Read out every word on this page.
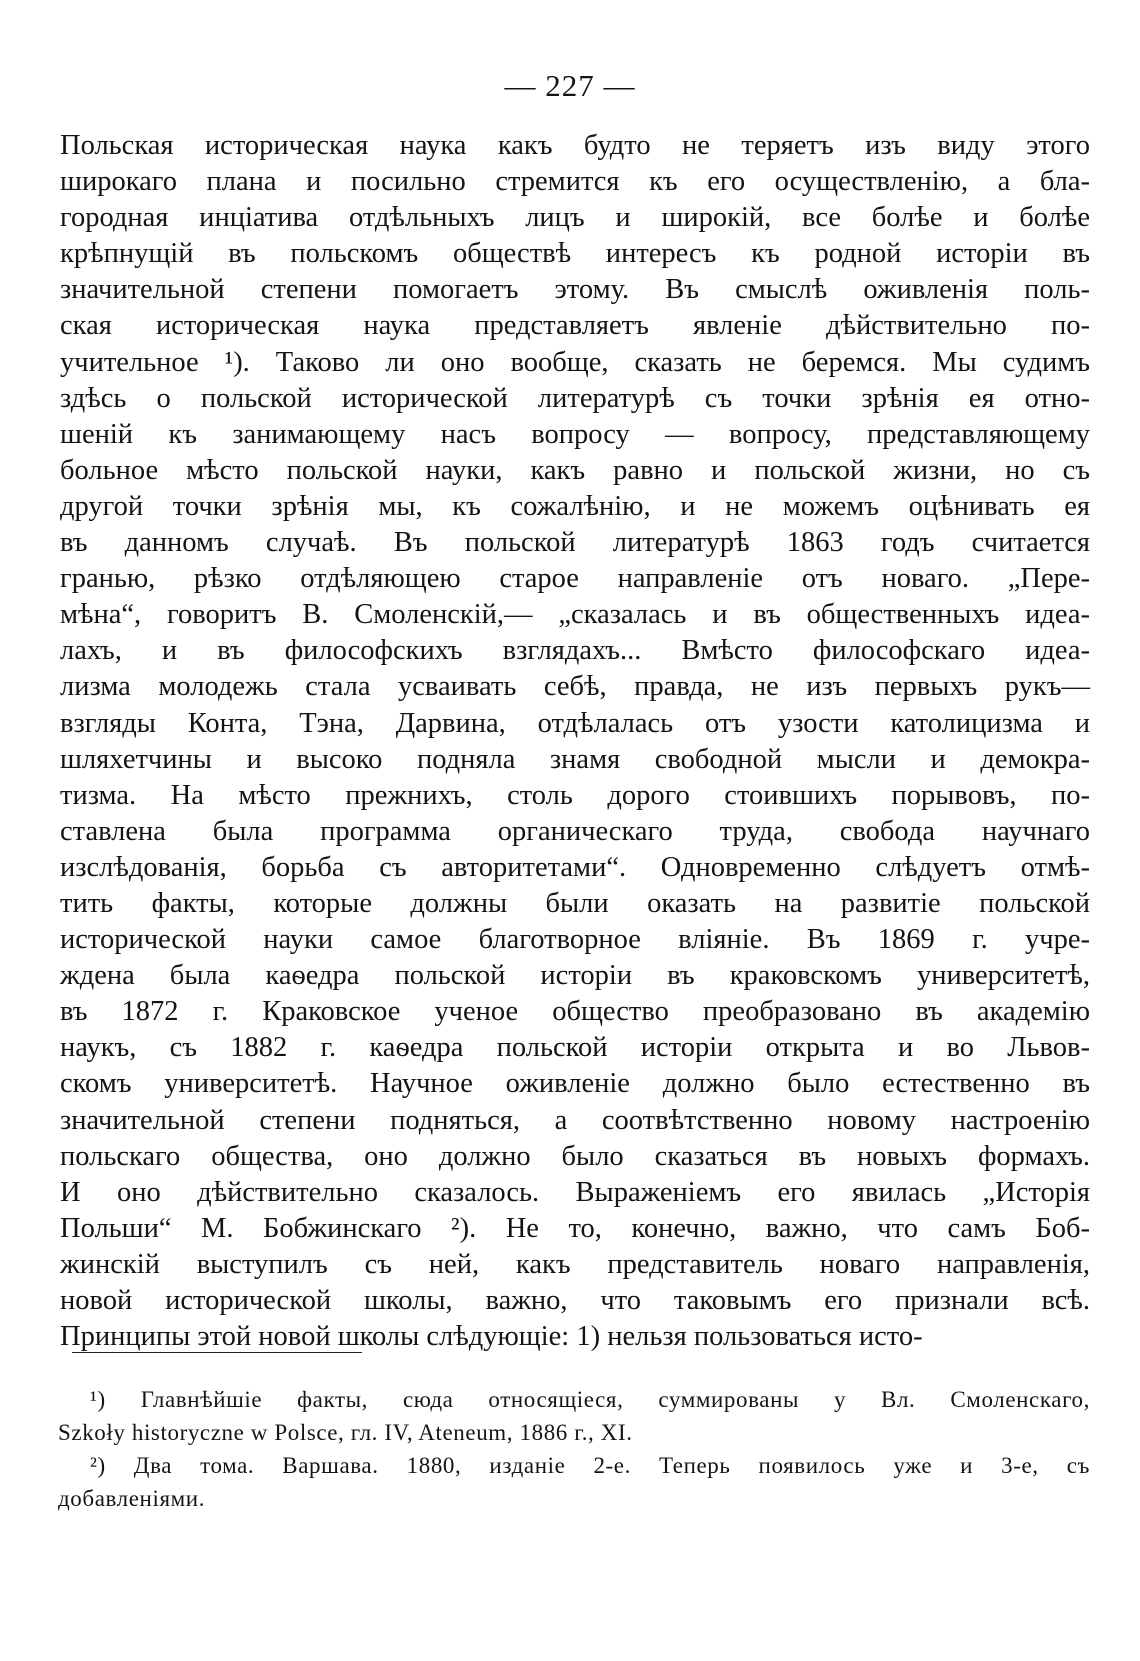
— 227 —
Польская историческая наука какъ будто не теряетъ изъ виду этого
широкаго плана и посильно стремится къ его осуществленію, а бла-
городная инціатива отдѣльныхъ лицъ и широкій, все болѣе и болѣе
крѣпнущій въ польскомъ обществѣ интересъ къ родной исторіи въ
значительной степени помогаетъ этому. Въ смыслѣ оживленія поль-
ская историческая наука представляетъ явленіе дѣйствительно по-
учительное ¹). Таково ли оно вообще, сказать не беремся. Мы судимъ
здѣсь о польской исторической литературѣ съ точки зрѣнія ея отно-
шеній къ занимающему насъ вопросу — вопросу, представляющему
больное мѣсто польской науки, какъ равно и польской жизни, но съ
другой точки зрѣнія мы, къ сожалѣнію, и не можемъ оцѣнивать ея
въ данномъ случаѣ. Въ польской литературѣ 1863 годъ считается
гранью, рѣзко отдѣляющею старое направленіе отъ новаго. „Пере-
мѣна“, говоритъ В. Смоленскій,— „сказалась и въ общественныхъ идеа-
лахъ, и въ философскихъ взглядахъ... Вмѣсто философскаго идеа-
лизма молодежь стала усваивать себѣ, правда, не изъ первыхъ рукъ—
взгляды Конта, Тэна, Дарвина, отдѣлалась отъ узости католицизма и
шляхетчины и высоко подняла знамя свободной мысли и демокра-
тизма. На мѣсто прежнихъ, столь дорого стоившихъ порывовъ, по-
ставлена была программа органическаго труда, свобода научнаго
изслѣдованія, борьба съ авторитетами“. Одновременно слѣдуетъ отмѣ-
тить факты, которые должны были оказать на развитіе польской
исторической науки самое благотворное вліяніе. Въ 1869 г. учре-
ждена была каѳедра польской исторіи въ краковскомъ университетѣ,
въ 1872 г. Краковское ученое общество преобразовано въ академію
наукъ, съ 1882 г. каѳедра польской исторіи открыта и во Львов-
скомъ университетѣ. Научное оживленіе должно было естественно въ
значительной степени подняться, а соотвѣтственно новому настроенію
польскаго общества, оно должно было сказаться въ новыхъ формахъ.
И оно дѣйствительно сказалось. Выраженіемъ его явилась „Исторія
Польши“ М. Бобжинскаго ²). Не то, конечно, важно, что самъ Боб-
жинскій выступилъ съ ней, какъ представитель новаго направленія,
новой исторической школы, важно, что таковымъ его признали всѣ.
Принципы этой новой школы слѣдующіе: 1) нельзя пользоваться исто-
¹) Главнѣйшіе факты, сюда относящіеся, суммированы у Вл. Смоленскаго,
Szkoły historyczne w Polsce, гл. IV, Ateneum, 1886 г., XI.
²) Два тома. Варшава. 1880, изданіе 2-е. Теперь появилось уже и 3-е, съ
добавленіями.
